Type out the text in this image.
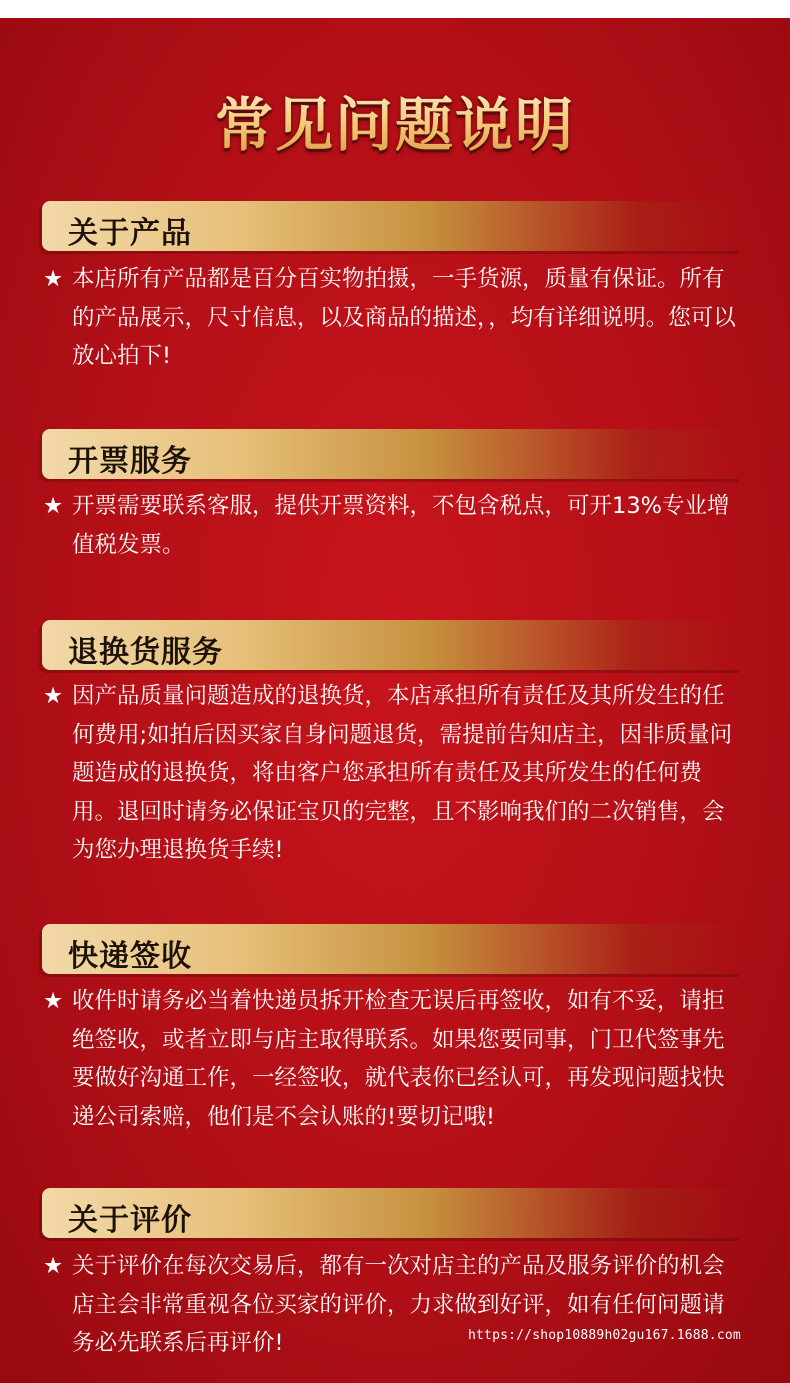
常见问题说明
关于产品
★ 本店所有产品都是百分百实物拍摄，一手货源，质量有保证。所有的产品展示，尺寸信息，以及商品的描述，，均有详细说明。您可以放心拍下!
开票服务
★ 开票需要联系客服，提供开票资料，不包含税点，可开13%专业增值税发票。
退换货服务
★ 因产品质量问题造成的退换货，本店承担所有责任及其所发生的任何费用;如拍后因买家自身问题退货，需提前告知店主，因非质量问题造成的退换货，将由客户您承担所有责任及其所发生的任何费用。退回时请务必保证宝贝的完整，且不影响我们的二次销售，会为您办理退换货手续!
快递签收
★ 收件时请务必当着快递员拆开检查无误后再签收，如有不妥，请拒绝签收，或者立即与店主取得联系。如果您要同事，门卫代签事先要做好沟通工作，一经签收，就代表你已经认可，再发现问题找快递公司索赔，他们是不会认账的!要切记哦!
关于评价
★ 关于评价在每次交易后，都有一次对店主的产品及服务评价的机会店主会非常重视各位买家的评价，力求做到好评，如有任何问题请务必先联系后再评价!	https://shop10889h02gu167.1688.com
